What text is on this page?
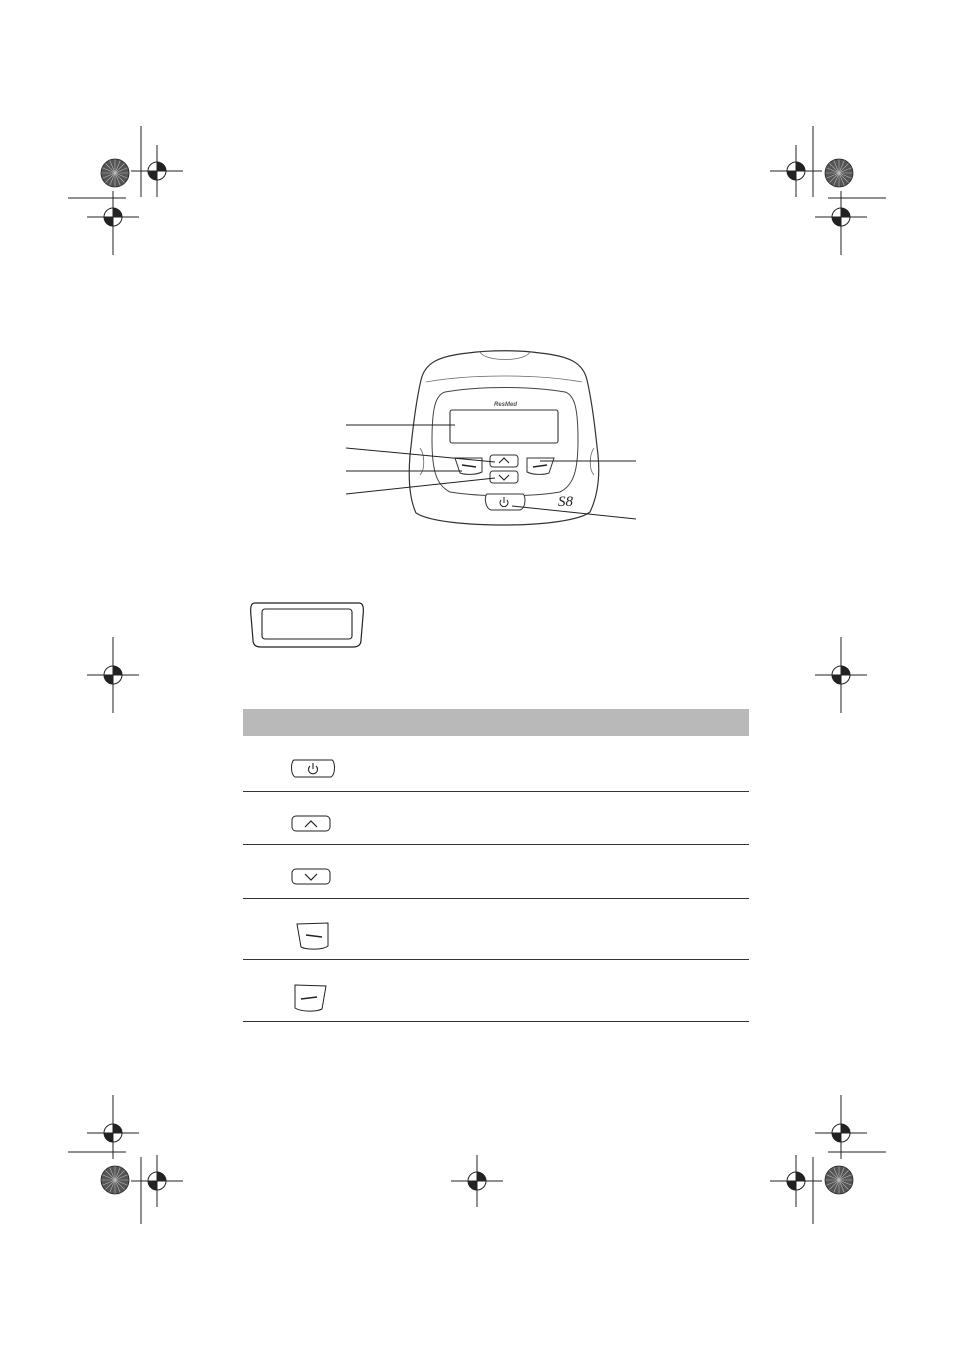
ResMed
S8
